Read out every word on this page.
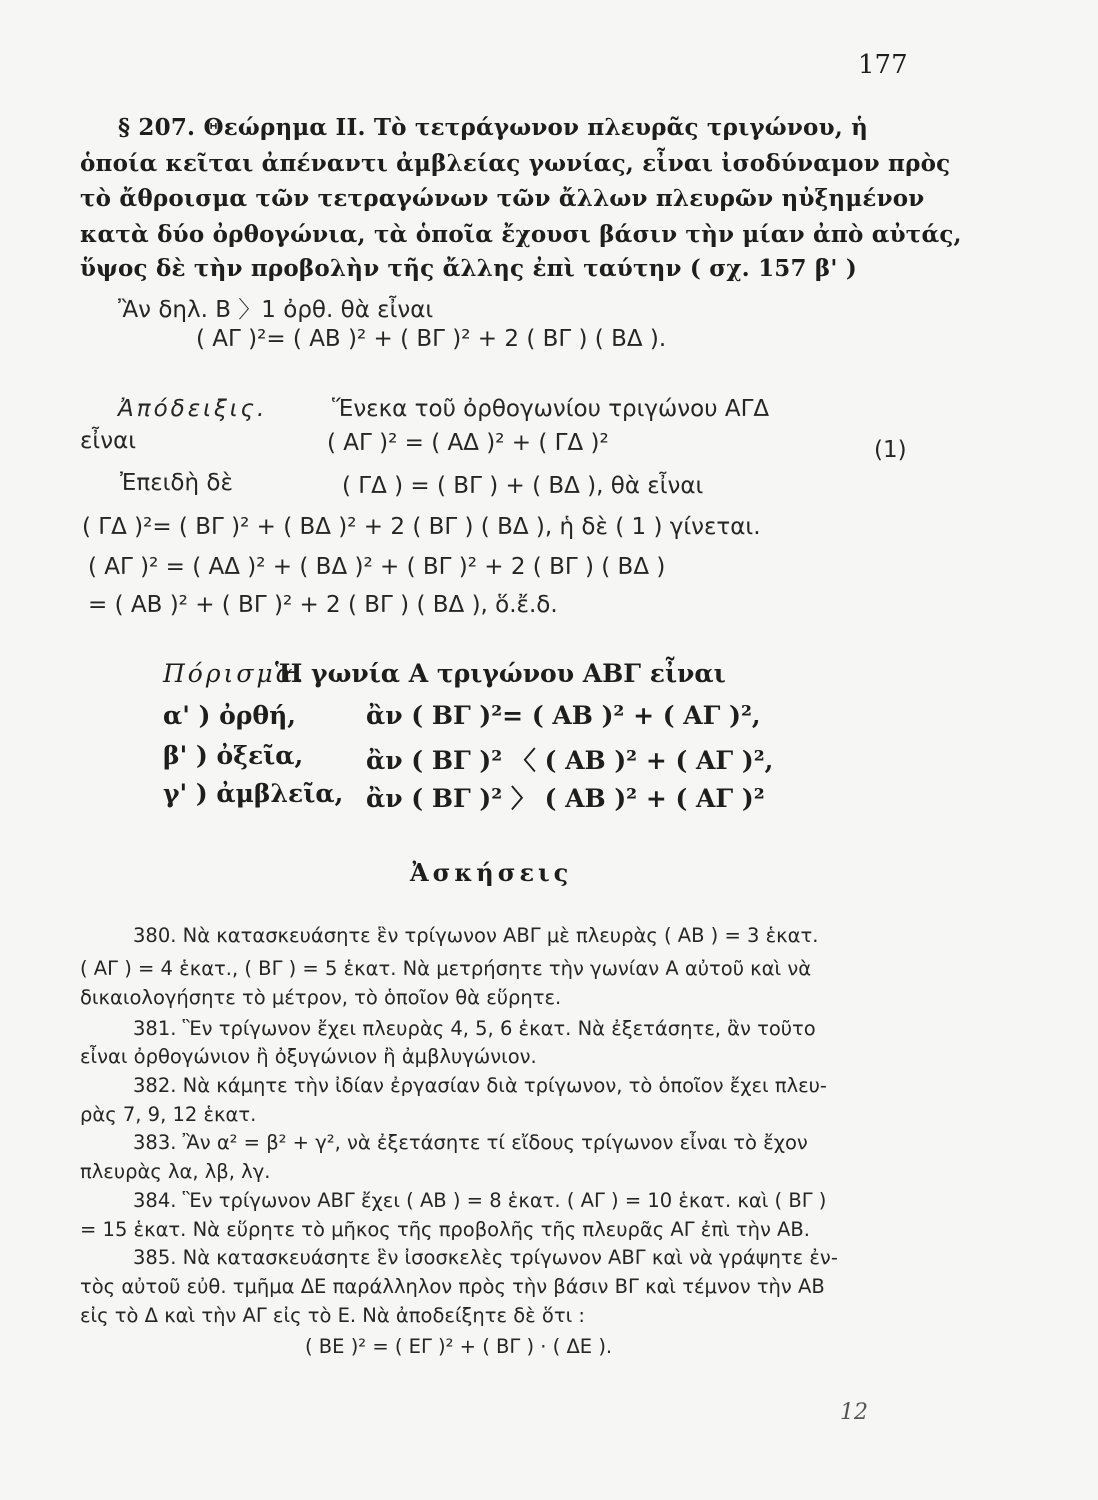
177
§ 207. Θεώρημα ΙΙ. Τὸ τετράγωνον πλευρᾶς τριγώνου, ἡ
ὁποία κεῖται ἀπέναντι ἀμβλείας γωνίας, εἶναι ἰσοδύναμον πρὸς
τὸ ἄθροισμα τῶν τετραγώνων τῶν ἄλλων πλευρῶν ηὐξημένον
κατὰ δύο ὀρθογώνια, τὰ ὁποῖα ἔχουσι βάσιν τὴν μίαν ἀπὸ αὐτάς,
ὕψος δὲ τὴν προβολὴν τῆς ἄλλης ἐπὶ ταύτην ( σχ. 157 β' )
Ἂν δηλ. Β 〉1 ὀρθ. θὰ εἶναι
( ΑΓ )²= ( ΑΒ )² + ( ΒΓ )² + 2 ( ΒΓ ) ( ΒΔ ).
Ἀπόδειξις.	Ἕνεκα τοῦ ὀρθογωνίου τριγώνου ΑΓΔ
εἶναι	( ΑΓ )² = ( ΑΔ )² + ( ΓΔ )²	(1)
Ἐπειδὴ δὲ	( ΓΔ ) = ( ΒΓ ) + ( ΒΔ ), θὰ εἶναι
( ΓΔ )²= ( ΒΓ )² + ( ΒΔ )² + 2 ( ΒΓ ) ( ΒΔ ), ἡ δὲ ( 1 ) γίνεται.
( ΑΓ )² = ( ΑΔ )² + ( ΒΔ )² + ( ΒΓ )² + 2 ( ΒΓ ) ( ΒΔ )
= ( ΑΒ )² + ( ΒΓ )² + 2 ( ΒΓ ) ( ΒΔ ), ὅ.ἔ.δ.
Πόρισμα.
Ἡ γωνία Α τριγώνου ΑΒΓ εἶναι
α' ) ὀρθή,	ἂν ( ΒΓ )²= ( ΑΒ )² + ( ΑΓ )²,
β' ) ὀξεῖα,	ἂν ( ΒΓ )² 〈 ( ΑΒ )² + ( ΑΓ )²,
γ' ) ἀμβλεῖα, ἂν ( ΒΓ )² 〉 ( ΑΒ )² + ( ΑΓ )²
Ἀσκήσεις
380. Νὰ κατασκευάσητε ἓν τρίγωνον ΑΒΓ μὲ πλευρὰς ( ΑΒ ) = 3 ἑκατ.
( ΑΓ ) = 4 ἑκατ., ( ΒΓ ) = 5 ἑκατ. Νὰ μετρήσητε τὴν γωνίαν Α αὐτοῦ καὶ νὰ
δικαιολογήσητε τὸ μέτρον, τὸ ὁποῖον θὰ εὕρητε.
381. Ἓν τρίγωνον ἔχει πλευρὰς 4, 5, 6 ἑκατ. Νὰ ἐξετάσητε, ἂν τοῦτο
εἶναι ὀρθογώνιον ἢ ὀξυγώνιον ἢ ἀμβλυγώνιον.
382. Νὰ κάμητε τὴν ἰδίαν ἐργασίαν διὰ τρίγωνον, τὸ ὁποῖον ἔχει πλευ-
ρὰς 7, 9, 12 ἑκατ.
383. Ἂν α² = β² + γ², νὰ ἐξετάσητε τί εἴδους τρίγωνον εἶναι τὸ ἔχον
πλευρὰς λα, λβ, λγ.
384. Ἓν τρίγωνον ΑΒΓ ἔχει ( ΑΒ ) = 8 ἑκατ. ( ΑΓ ) = 10 ἑκατ. καὶ ( ΒΓ )
= 15 ἑκατ. Νὰ εὕρητε τὸ μῆκος τῆς προβολῆς τῆς πλευρᾶς ΑΓ ἐπὶ τὴν ΑΒ.
385. Νὰ κατασκευάσητε ἓν ἰσοσκελὲς τρίγωνον ΑΒΓ καὶ νὰ γράψητε ἐν-
τὸς αὐτοῦ εὐθ. τμῆμα ΔΕ παράλληλον πρὸς τὴν βάσιν ΒΓ καὶ τέμνον τὴν ΑΒ
εἰς τὸ Δ καὶ τὴν ΑΓ εἰς τὸ Ε. Νὰ ἀποδείξητε δὲ ὅτι :
( ΒΕ )² = ( ΕΓ )² + ( ΒΓ ) · ( ΔΕ ).
12
